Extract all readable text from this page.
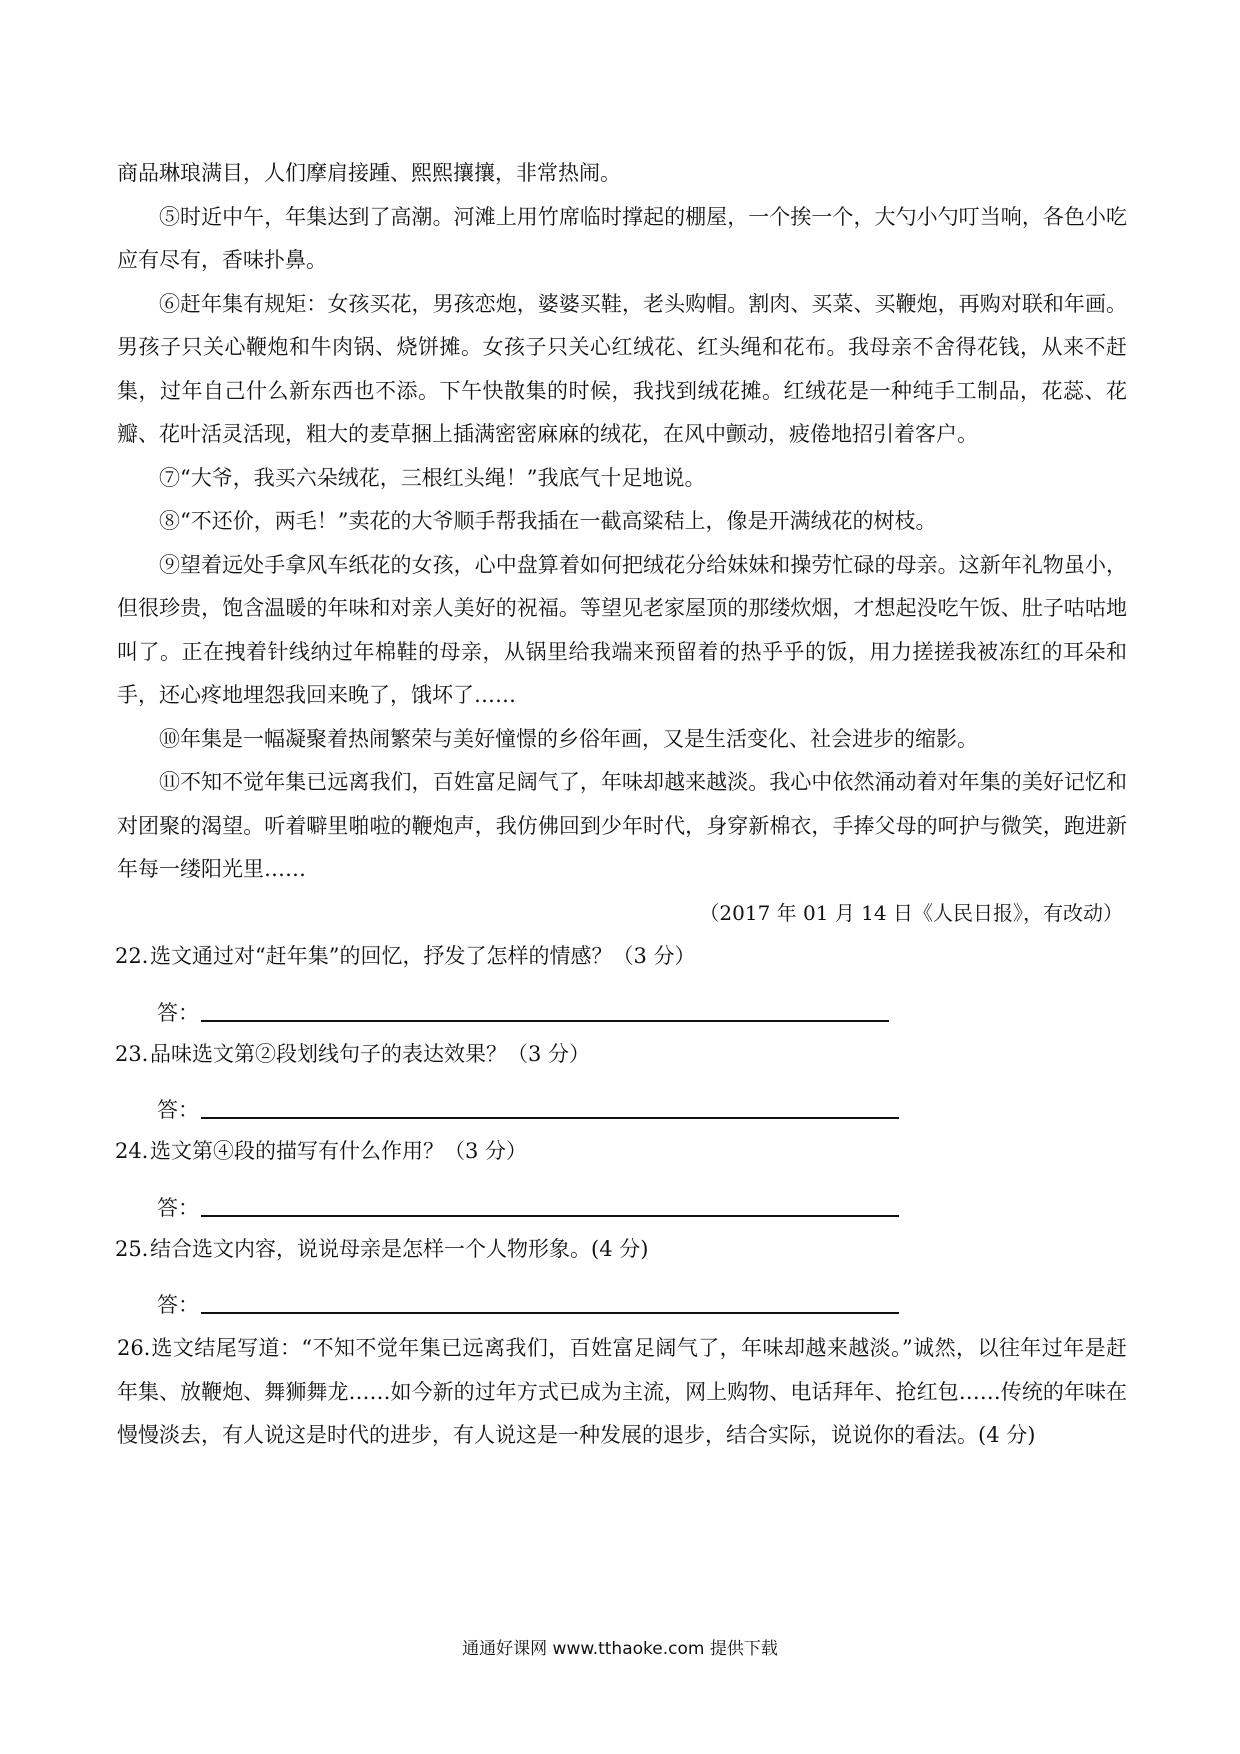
商品琳琅满目，人们摩肩接踵、熙熙攘攘，非常热闹。

⑤时近中午，年集达到了高潮。河滩上用竹席临时撑起的棚屋，一个挨一个，大勺小勺叮当响，各色小吃应有尽有，香味扑鼻。

⑥赶年集有规矩：女孩买花，男孩恋炮，婆婆买鞋，老头购帽。割肉、买菜、买鞭炮，再购对联和年画。男孩子只关心鞭炮和牛肉锅、烧饼摊。女孩子只关心红绒花、红头绳和花布。我母亲不舍得花钱，从来不赶集，过年自己什么新东西也不添。下午快散集的时候，我找到绒花摊。红绒花是一种纯手工制品，花蕊、花瓣、花叶活灵活现，粗大的麦草捆上插满密密麻麻的绒花，在风中颤动，疲倦地招引着客户。

⑦“大爷，我买六朵绒花，三根红头绳！”我底气十足地说。

⑧“不还价，两毛！”卖花的大爷顺手帮我插在一截高粱秸上，像是开满绒花的树枝。

⑨望着远处手拿风车纸花的女孩，心中盘算着如何把绒花分给妹妹和操劳忙碌的母亲。这新年礼物虽小，但很珍贵，饱含温暖的年味和对亲人美好的祝福。等望见老家屋顶的那缕炊烟，才想起没吃午饭、肚子咕咕地叫了。正在拽着针线纳过年棉鞋的母亲，从锅里给我端来预留着的热乎乎的饭，用力搓搓我被冻红的耳朵和手，还心疼地埋怨我回来晚了，饿坏了……

⑩年集是一幅凝聚着热闹繁荣与美好憧憬的乡俗年画，又是生活变化、社会进步的缩影。

⑪不知不觉年集已远离我们，百姓富足阔气了，年味却越来越淡。我心中依然涌动着对年集的美好记忆和对团聚的渴望。听着噼里啪啦的鞭炮声，我仿佛回到少年时代，身穿新棉衣，手捧父母的呵护与微笑，跑进新年每一缕阳光里……

（2017 年 01 月 14 日《人民日报》，有改动）

22．选文通过对“赶年集”的回忆，抒发了怎样的情感？（3 分）

答：

23．品味选文第②段划线句子的表达效果？（3 分）

答：

24．选文第④段的描写有什么作用？（3 分）

答：

25．结合选文内容，说说母亲是怎样一个人物形象。(4 分)

答：

26．选文结尾写道：“不知不觉年集已远离我们，百姓富足阔气了，年味却越来越淡。”诚然，以往年过年是赶年集、放鞭炮、舞狮舞龙……如今新的过年方式已成为主流，网上购物、电话拜年、抢红包……传统的年味在慢慢淡去，有人说这是时代的进步，有人说这是一种发展的退步，结合实际，说说你的看法。(4 分)

通通好课网 www.tthaoke.com 提供下载
